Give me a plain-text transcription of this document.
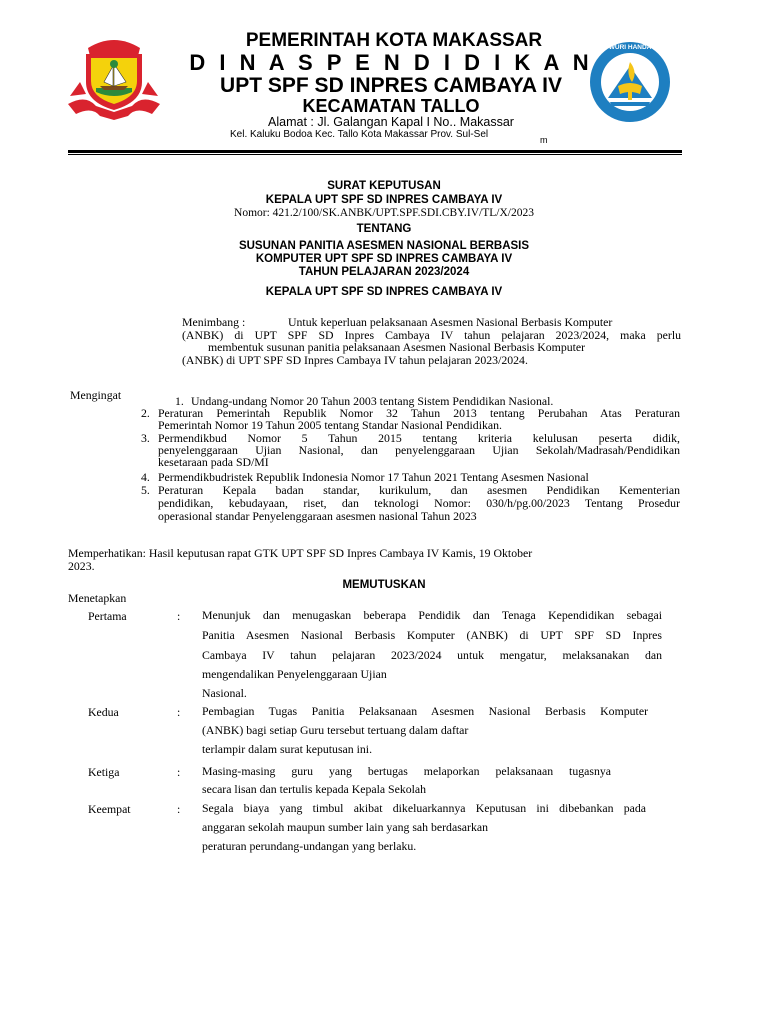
TUT WURI HANDAYANI
PEMERINTAH KOTA MAKASSAR
D I N A S P E N D I D I K A N
UPT SPF SD INPRES CAMBAYA IV
KECAMATAN TALLO
Alamat : Jl. Galangan Kapal I No.. Makassar
Kel. Kaluku Bodoa Kec. Tallo Kota Makassar Prov. Sul-Sel	m
SURAT KEPUTUSAN
KEPALA UPT SPF SD INPRES CAMBAYA IV
Nomor: 421.2/100/SK.ANBK/UPT.SPF.SDI.CBY.IV/TL/X/2023
TENTANG
SUSUNAN PANITIA ASESMEN NASIONAL BERBASIS
KOMPUTER UPT SPF SD INPRES CAMBAYA IV
TAHUN PELAJARAN 2023/2024
KEPALA UPT SPF SD INPRES CAMBAYA IV
Menimbang :	Untuk keperluan pelaksanaan Asesmen Nasional Berbasis Komputer
(ANBK) di UPT SPF SD Inpres Cambaya IV tahun pelajaran 2023/2024, maka perlu
membentuk susunan panitia pelaksanaan Asesmen Nasional Berbasis Komputer
(ANBK) di UPT SPF SD Inpres Cambaya IV tahun pelajaran 2023/2024.
Mengingat	1. Undang-undang Nomor 20 Tahun 2003 tentang Sistem Pendidikan Nasional.
2. Peraturan Pemerintah Republik Nomor 32 Tahun 2013 tentang Perubahan Atas Peraturan
Pemerintah Nomor 19 Tahun 2005 tentang Standar Nasional Pendidikan.
3. Permendikbud Nomor 5 Tahun 2015 tentang kriteria kelulusan peserta didik,
penyelenggaraan Ujian Nasional, dan penyelenggaraan Ujian Sekolah/Madrasah/Pendidikan
kesetaraan pada SD/MI
4. Permendikbudristek Republik Indonesia Nomor 17 Tahun 2021 Tentang Asesmen Nasional
5. Peraturan Kepala badan standar, kurikulum, dan asesmen Pendidikan Kementerian
pendidikan, kebudayaan, riset, dan teknologi Nomor: 030/h/pg.00/2023 Tentang Prosedur
operasional standar Penyelenggaraan asesmen nasional Tahun 2023
Memperhatikan: Hasil keputusan rapat GTK UPT SPF SD Inpres Cambaya IV Kamis, 19 Oktober
2023.
MEMUTUSKAN
Menetapkan
Pertama	: Menunjuk dan menugaskan beberapa Pendidik dan Tenaga Kependidikan sebagai
Panitia Asesmen Nasional Berbasis Komputer (ANBK) di UPT SPF SD Inpres
Cambaya IV tahun pelajaran 2023/2024 untuk mengatur, melaksanakan dan
mengendalikan Penyelenggaraan Ujian
Nasional.
Kedua	: Pembagian Tugas Panitia Pelaksanaan Asesmen Nasional Berbasis Komputer
(ANBK) bagi setiap Guru tersebut tertuang dalam daftar
terlampir dalam surat keputusan ini.
Ketiga	: Masing-masing guru yang bertugas melaporkan pelaksanaan tugasnya
secara lisan dan tertulis kepada Kepala Sekolah
Keempat	: Segala biaya yang timbul akibat dikeluarkannya Keputusan ini dibebankan pada
anggaran sekolah maupun sumber lain yang sah berdasarkan
peraturan perundang-undangan yang berlaku.
